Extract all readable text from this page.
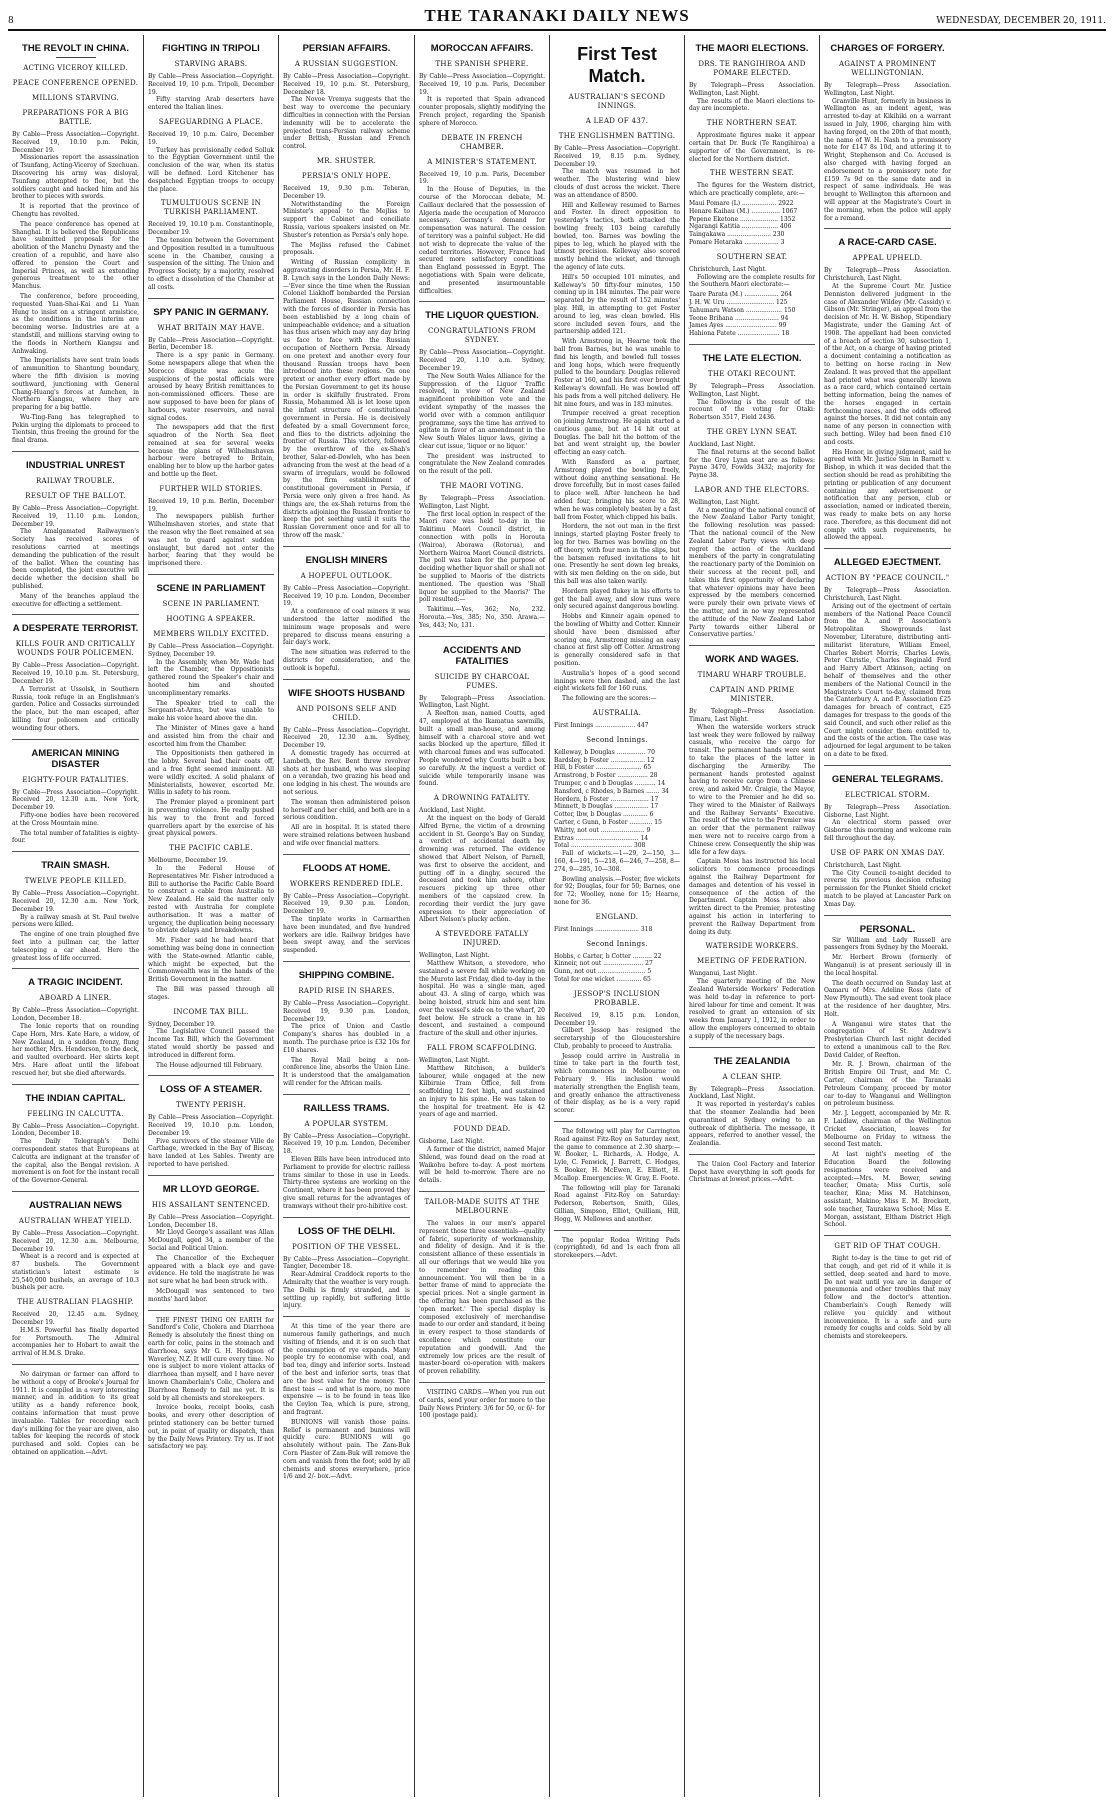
8	THE TARANAKI DAILY NEWS	WEDNESDAY, DECEMBER 20, 1911.
THE REVOLT IN CHINA.
ACTING VICEROY KILLED.
PEACE CONFERENCE OPENED.
MILLIONS STARVING.
PREPARATIONS FOR A BIG BATTLE.
By Cable—Press Association—Copyright. Received 19, 10.10 p.m. Pekin, December 19.

Missionaries report the assassination of Tsunfang, Acting-Viceroy of Szechuan. Discovering his army was disloyal, Tsunfang attempted to flee, but the soldiers caught and hacked him and his brother to pieces with swords.

It is reported that the province of Chengtu has revolted.

The peace conference has opened at Shanghai. It is believed the Republicans have submitted proposals for the abolition of the Manchu Dynasty and the creation of a republic, and have also offered to pension the Court and Imperial Princes, as well as extending generous treatment to the other Manchus.

The conference, before proceeding, requested Yuan-Shai-Kai and Li Yuan Hung to insist on a stringent armistice, as the conditions in the interim are becoming worse. Industries are at a standstill, and millions starving owing to the floods in Northern Kiangsu and Anhwaking.

The Imperialists have sent train loads of ammunition to Shantung boundary, where the fifth division is moving southward, junctioning with General Chang-Huang's forces at Aunchen, in Northern Kiangsu, where they are preparing for a big battle.

Wu-Ting-Fang has telegraphed to Pekin urging the diplomats to proceed to Tientsin, thus freeing the ground for the final drama.

INDUSTRIAL UNREST
RAILWAY TROUBLE.
RESULT OF THE BALLOT.
By Cable—Press Association—Copyright. Received 19, 11.10 p.m. London, December 19.

The Amalgamated Railwaymen's Society has received scores of resolutions carried at meetings demanding the publication of the result of the ballot. When the counting has been completed, the joint executive will decide whether the decision shall be published.

Many of the branches applaud the executive for effecting a settlement.

A DESPERATE TERRORIST.
KILLS FOUR AND CRITICALLY WOUNDS FOUR POLICEMEN.
By Cable—Press Association—Copyright. Received 19, 10.10 p.m. St. Petersburg, December 19.

A Terrorist at Ussolsk, in Southern Russia, took refuge in an Englishman's garden. Police and Cossacks surrounded the place, but the man escaped, after killing four policemen and critically wounding four others.

AMERICAN MINING DISASTER
EIGHTY-FOUR FATALITIES.
By Cable—Press Association—Copyright. Received 20, 12.30 a.m. New York, December 19.

Fifty-one bodies have been recovered at the Cross Mountain mine.

The total number of fatalities is eighty-four.

TRAIN SMASH.
TWELVE PEOPLE KILLED.
By Cable—Press Association—Copyright. Received 20, 12.30 a.m. New York, December 19.

By a railway smash at St. Paul twelve persons were killed.

The engine of one train ploughed five feet into a pullman car, the latter telescoping a car ahead. Here the greatest loss of life occurred.

A TRAGIC INCIDENT.
ABOARD A LINER.
By Cable—Press Association—Copyright. London, December 18.

The Ionic reports that on rounding Cape Horn, Mrs. Kate Hare, a widow, of New Zealand, in a sudden frenzy, flung her mother, Mrs. Henderson, to the deck, and vaulted overboard. Her skirts kept Mrs. Hare afloat until the lifeboat rescued her, but she died afterwards.

THE INDIAN CAPITAL.
FEELING IN CALCUTTA.
By Cable—Press Association—Copyright. London, December 18.

The Daily Telegraph's Delhi correspondent states that Europeans at Calcutta are indignant at the transfer of the capital, also the Bengal revision. A movement is on foot for the instant recall of the Governor-General.

AUSTRALIAN NEWS
AUSTRALIAN WHEAT YIELD.
By Cable—Press Association—Copyright. Received 20, 12.30 a.m. Melbourne, December 19.

Wheat is a record and is expected at 87 bushels. The Government statistician's latest estimate is 25,540,000 bushels, an average of 10.3 bushels per acre.

THE AUSTRALIAN FLAGSHIP.
Received 20, 12.45 a.m. Sydney, December 19.

H.M.S. Powerful has finally departed for Portsmouth. The Admiral accompanies her to Hobart to await the arrival of H.M.S. Drake.

No dairyman or farmer can afford to be without a copy of Brooke's Journal for 1911. It is compiled in a very interesting manner, and in addition to its great utility as a handy reference book, contains information that must prove invaluable. Tables for recording each day's milking for the year are given, also tables for keeping the records of stock purchased and sold. Copies can be obtained on application.—Advt.

FIGHTING IN TRIPOLI
STARVING ARABS.
By Cable—Press Association—Copyright. Received 19, 10 p.m. Tripoli, December 19.

Fifty starving Arab deserters have entered the Italian lines.

SAFEGUARDING A PLACE.
Received 19, 10 p.m. Cairo, December 19.

Turkey has provisionally ceded Solluk to the Egyptian Government until the conclusion of the war, when its status will be defined. Lord Kitchener has despatched Egyptian troops to occupy the place.

TUMULTUOUS SCENE IN TURKISH PARLIAMENT.
Received 19, 10.10 p.m. Constantinople, December 19.

The tension between the Government and Opposition resulted in a tumultuous scene in the Chamber, causing a suspension of the sitting. The Union and Progress Society, by a majority, resolved to effect a dissolution of the Chamber at all costs.

SPY PANIC IN GERMANY.
WHAT BRITAIN MAY HAVE.
By Cable—Press Association—Copyright. Berlin, December 18.

There is a spy panic in Germany. Some newspapers allege that when the Morocco dispute was acute the suspicions of the postal officials were aroused by heavy British remittances to non-commissioned officers. These are now supposed to have been for plans of harbours, water reservoirs, and naval signal codes.

The newspapers add that the first squadron of the North Sea fleet remained at sea for several weeks because the plans of Wilhelmshaven harbour were betrayed to Britain, enabling her to blow up the harbor gates and bottle up the fleet.

FURTHER WILD STORIES.
Received 19, 10 p.m. Berlin, December 19.

The newspapers publish further Wilhelmshaven stories, and state that the reason why the fleet remained at sea was not to guard against sudden onslaught, but dared not enter the harbor, fearing that they would be imprisoned there.

SCENE IN PARLIAMENT
SCENE IN PARLIAMENT.
HOOTING A SPEAKER.
MEMBERS WILDLY EXCITED.
By Cable—Press Association—Copyright. Sydney, December 19.

In the Assembly, when Mr. Wade had left the Chamber, the Oppositionists gathered round the Speaker's chair and hooted him and shouted uncomplimentary remarks.

The Speaker tried to call the Sergeant-at-Arms, but was unable to make his voice heard above the din.

The Minister of Mines gave a hand and assisted him from the chair and escorted him from the Chamber.

The Oppositionists then gathered in the lobby. Several had their coats off, and a free fight seemed imminent. All were wildly excited. A solid phalanx of Ministerialists, however, escorted Mr. Willis in safety to his room.

The Premier played a prominent part in preventing violence. He really pushed his way to the front and forced quarrellers apart by the exercise of his great physical powers.

THE PACIFIC CABLE.
Melbourne, December 19.

In the Federal House of Representatives Mr. Fisher introduced a Bill to authorise the Pacific Cable Board to construct a cable from Australia to New Zealand. He said the matter only rested with Australia for complete authorisation. It was a matter of urgency, the duplication being necessary to obviate delays and breakdowns.

Mr. Fisher said he had heard that something was being done in connection with the State-owned Atlantic cable, which might be expected, but the Commonwealth was in the hands of the British Government in the matter.

The Bill was passed through all stages.

INCOME TAX BILL.
Sydney, December 19.

The Legislative Council passed the Income Tax Bill, which the Government stated would shortly be passed and introduced in different form.

The House adjourned till February.

LOSS OF A STEAMER.
TWENTY PERISH.
By Cable—Press Association—Copyright. Received 19, 10.10 p.m. London, December 19.

Five survivors of the steamer Ville de Carthage, wrecked in the Bay of Biscay, have landed at Les Sables. Twenty are reported to have perished.

MR LLOYD GEORGE.
HIS ASSAILANT SENTENCED.
By Cable—Press Association—Copyright. London, December 18.

Mr Lloyd George's assailant was Allan McDougall, aged 34, a member of the Social and Political Union.

The Chancellor of the Exchequer appeared with a black eye and gave evidence. He told the magistrate he was not sure what he had been struck with.

McDougall was sentenced to two months' hard labor.

THE FINEST THING ON EARTH for Sandford's Colic, Cholera and Diarrhoea Remedy is absolutely the finest thing on earth for colic, pains in the stomach and diarrhoea, says Mr G. H. Hodgson of Waverley, N.Z. It will cure every time. No one is subject to more violent attacks of diarrhoea than myself, and I have never known Chamberlain's Colic, Cholera and Diarrhoea Remedy to fail me yet. It is sold by all chemists and storekeepers.

Invoice books, receipt books, cash books, and every other description of printed stationery can be better turned out, in point of quality or dispatch, than by the Daily News Printery. Try us. If not satisfactory we pay.

PERSIAN AFFAIRS.
A RUSSIAN SUGGESTION.
By Cable—Press Association—Copyright. Received 19, 10 p.m. St. Petersburg, December 18.

The Novoe Vremya suggests that the best way to overcome the pecuniary difficulties in connection with the Persian indemnity will be to accelerate the projected trans-Persian railway scheme under British, Russian and French control.

MR. SHUSTER.
PERSIA'S ONLY HOPE.
Received 19, 9.30 p.m. Teheran, December 19.

Notwithstanding the Foreign Minister's appeal to the Mejliss to support the Cabinet and conciliate Russia, various speakers insisted on Mr. Shuster's retention as Persia's only hope.

The Mejliss refused the Cabinet proposals.

Writing of Russian complicity in aggravating disorders in Persia, Mr. H. F. B. Lynch says in the London Daily News:—'Ever since the time when the Russian Colonel Liakhoff bombarded the Persian Parliament House, Russian connection with the forces of disorder in Persia has been established by a long chain of unimpeachable evidence; and a situation has thus arisen which may any day bring us face to face with the Russian occupation of Northern Persia. Already on one pretext and another every four thousand Russian troops have been introduced into these regions. On one pretext or another every effort made by the Persian Government to get its house in order is skilfully frustrated. From Russia, Mohammed Ali is let loose upon the infant structure of constitutional government in Persia. He is decisively defeated by a small Government force, and flies to the districts adjoining the frontier of Russia. This victory, followed by the overthrow of the ex-Shah's brother, Salar-ed-Dowleh, who has been advancing from the west at the head of a swarm of irregulars, would be followed by the firm establishment of constitutional government in Persia, if Persia were only given a free hand. As things are, the ex-Shah returns from the districts adjoining the Russian frontier to keep the pot seething until it suits the Russian Government once and for all to throw off the mask.'

ENGLISH MINERS
A HOPEFUL OUTLOOK.
By Cable—Press Association—Copyright. Received 19, 10 p.m. London, December 19.

At a conference of coal miners it was understood the latter modified the minimum wage proposals and were prepared to discuss means ensuring a fair day's work.

The new situation was referred to the districts for consideration, and the outlook is hopeful.

WIFE SHOOTS HUSBAND
AND POISONS SELF AND CHILD.
By Cable—Press Association—Copyright. Received 20, 12.30 a.m. Sydney, December 19.

A domestic tragedy has occurred at Lambeth, the Rev. Bent threw revolver shots at her husband, who was sleeping on a verandah, two grazing his head and one lodging in his chest. The wounds are not serious.

The woman then administered poison to herself and her child, and both are in a serious condition.

All are in hospital. It is stated there were strained relations between husband and wife over financial matters.

FLOODS AT HOME.
WORKERS RENDERED IDLE.
By Cable—Press Association—Copyright. Received 19, 9.30 p.m. London, December 19.

The tinplate works in Carmarthen have been inundated, and five hundred workers are idle. Railway bridges have been swept away, and the services suspended.

SHIPPING COMBINE.
RAPID RISE IN SHARES.
By Cable—Press Association—Copyright. Received 19, 9.30 p.m. London, December 19.

The price of Union and Castle Company's shares has doubled in a month. The purchase price is £32 10s for £10 shares.

The Royal Mail being a non-conference line, absorbs the Union Line. It is understood that the amalgamation will render for the African mails.

RAILLESS TRAMS.
A POPULAR SYSTEM.
By Cable—Press Association—Copyright. Received 19, 10 p.m. London, December 18.

Eleven Bills have been introduced into Parliament to provide for electric railless trams similar to those in use in Leeds. Thirty-three systems are working on the Continent, where it has been proved they give small returns for the advantages of tramways without their pro-hibitive cost.

LOSS OF THE DELHI.
POSITION OF THE VESSEL.
By Cable—Press Association—Copyright. Tangier, December 18.

Rear-Admiral Craddock reports to the Admiralty that the weather is very rough. The Delhi is firmly stranded, and is settling up rapidly, but suffering little injury.

At this time of the year there are numerous family gatherings, and much visiting of friends, and it is on such that the consumption of rye expands. Many people try to economise with coal, and bad tea, dingy and inferior sorts. Instead of the best and inferior sorts, teas that are the best value for the money. The finest teas — and what is more, no more expensive — is to be found in teas like the Ceylon Tea, which is pure, strong, and fragrant.

BUNIONS will vanish those pains. Relief is permanent and bunions will quickly cure. BUNIONS will go absolutely without pain. The Zam-Buk Corn Plaster of Zam-Buk will remove the corn and vanish from the foot; sold by all chemists and stores everywhere, price 1/6 and 2/- box.—Advt.

MOROCCAN AFFAIRS.
THE SPANISH SPHERE.
By Cable—Press Association—Copyright. Received 19, 10 p.m. Paris, December 19.

It is reported that Spain advanced counter proposals, slightly modifying the French project, regarding the Spanish sphere of Morocco.

DEBATE IN FRENCH CHAMBER.
A MINISTER'S STATEMENT.
Received 19, 10 p.m. Paris, December 19.

In the House of Deputies, in the course of the Moroccan debate, M. Caillaux declared that the possession of Algeria made the occupation of Morocco necessary. Germany's demand for compensation was natural. The cession of territory was a painful subject. He did not wish to deprecate the value of the ceded territories. However, France had secured more satisfactory conditions than England possessed in Egypt. The negotiations with Spain were delicate, and presented insurmountable difficulties.

THE LIQUOR QUESTION.
CONGRATULATIONS FROM SYDNEY.
By Cable—Press Association—Copyright. Received 20, 1.10 a.m. Sydney, December 19.

The New South Wales Alliance for the Suppression of the Liquor Traffic resolved, in view of New Zealand magnificent prohibition vote and the evident sympathy of the masses the world over with a common antiliquor programme, says the time has arrived to agitate in favor of an amendment in the New South Wales liquor laws, giving a clear cut issue, 'liquor or no liquor.'

The president was instructed to congratulate the New Zealand comrades on the result of the poll.

THE MAORI VOTING.
By Telegraph—Press Association. Wellington, Last Night.

The first local option in respect of the Maori race was held to-day in the Takitimu Maori Council district, in connection with polls in Horouta (Wairoa), Aborawa (Rotorua), and Northern Wairoa Maori Council districts. The poll was taken for the purpose of deciding whether liquor shall or shall not be supplied to Maoris of the districts mentioned. The question was 'Shall liquor be supplied to the Maoris?' The poll resulted:—

Takitimu.—Yes, 362; No, 232. Horouta.—Yes, 385; No, 350. Arawa.—Yes, 443; No, 131.

ACCIDENTS AND FATALITIES
SUICIDE BY CHARCOAL FUMES.
By Telegraph—Press Association. Wellington, Last Night.

A Reefton man, named Coutts, aged 47, employed at the Ikamatua sawmills, built a small man-house, and among himself with a charcoal stove and wet sacks blocked up the aperture, filled it with charcoal fumes and was suffocated. People wondered why Coutts built a box so carefully. At the inquest a verdict of suicide while temporarily insane was found.

A DROWNING FATALITY.
Auckland, Last Night.

At the inquest on the body of Gerald Alfred Byrne, the victim of a drowning accident in St. George's Bay on Sunday, a verdict of accidental death by drowning was returned. The evidence showed that Albert Nelson, of Parnell, was first to observe the accident, and putting off in a dinghy, secured the deceased and took him ashore, other rescuers picking up three other members of the capsized crew. In recording their verdict the jury gave expression to their appreciation of Albert Nelson's plucky action.

A STEVEDORE FATALLY INJURED.
Wellington, Last Night.

Matthew Whitson, a stevedore, who sustained a severe fall while working on the Muroto last Friday, died to-day in the hospital. He was a single man, aged about 43. A sling of cargo, which was being hoisted, struck him and sent him over the vessel's side on to the wharf, 20 feet below. He struck a crane in his descent, and sustained a compound fracture of the skull and other injuries.

FALL FROM SCAFFOLDING.
Wellington, Last Night.

Matthew Ritchison, a builder's labourer, while engaged at the new Kilbirnie Tram Office, fell from scaffolding 12 feet high, and sustained an injury to his spine. He was taken to the hospital for treatment. He is 42 years of age and married.

FOUND DEAD.
Gisborne, Last Night.

A farmer of the district, named Major Shlend, was found dead on the road at Waikohu before to-day. A post mortem will be held to-morrow. There are no details.

TAILOR-MADE SUITS AT THE MELBOURNE

The values in our men's apparel represent those three essentials—quality of fabric, superiority of workmanship, and fidelity of design. And it is the consistent alliance of these essentials in all our offerings that we would like you to remember in reading this announcement. You will then be in a better frame of mind to appreciate the special prices. Not a single garment in the offering has been purchased as the 'open market.' The special display is composed exclusively of merchandise made to our order and standard, it being in every respect to those standards of excellence which constitute our reputation and goodwill. And the extremely low prices are the result of master-board co-operation with makers of proven reliability.

VISITING CARDS.—When you run out of cards, send your order for more to the Daily News Printery. 3/6 for 50, or 6/- for 100 (postage paid).

First Test Match.
AUSTRALIAN'S SECOND INNINGS.
A LEAD OF 437.
THE ENGLISHMEN BATTING.
By Cable—Press Association—Copyright. Received 19, 8.15 p.m. Sydney, December 19.

The match was resumed in hot weather. The blustering wind blew clouds of dust across the wicket. There was an attendance of 8500.

Hill and Kelleway resumed to Barnes and Foster. In direct opposition to yesterday's tactics, both attacked the bowling freely, 103 being carefully bowled, too. Barnes was bowling the pipes to leg, which he played with the utmost precision. Kelleway also scored mostly behind the wicket, and through the agency of late cuts.

Hill's 50 occupied 101 minutes, and Kelleway's 50 fifty-four minutes, 150 coming up in 184 minutes. The pair were separated by the result of 152 minutes' play. Hill, in attempting to get Foster around to leg, was clean bowled. His score included seven fours, and the partnership added 121.

With Armstrong in, Hearne took the ball from Barnes, but he was unable to find his length, and bowled full tosses and long hops, which were frequently pulled to the boundary. Douglas relieved Foster at 160, and his first over brought Kelleway's downfall. He was bowled off his pads from a well pitched delivery. He hit nine fours, and was in 183 minutes.

Trumper received a great reception on joining Armstrong. He again started a cautious game, but at 14 hit out at Douglas. The ball hit the bottom of the bat and went straight up, the bowler effecting an easy catch.

With Ransford as a partner, Armstrong played the bowling freely, without doing anything sensational. He drove forcefully, but in most cases failed to place well. After luncheon he had added four, bringing his score to 28, when he was completely beaten by a fast ball from Foster, which clipped his bails.

Hordern, the not out man in the first innings, started playing Foster freely to leg for two. Barnes was bowling on the off theory, with four men in the slips, but the batsmen refused invitations to hit one. Presently he sent down leg breaks, with six men fielding on the on side, but this ball was also taken warily.

Hordern played flukey in his efforts to get the ball away, and slow runs were only secured against dangerous bowling.

Hobbs and Kinneir again opened to the bowling of Whitty and Cotter. Kinneir should have been dismissed after scoring one, Armstrong missing an easy chance at first slip off Cotter. Armstrong is generally considered safe in that position.

Australia's hopes of a good second innings were then dashed, and the last eight wickets fell for 160 runs.

The following are the scores:—

AUSTRALIA.
First Innings ..................... 447
Second Innings.
Kelleway, b Douglas ............... 70
Bardsley, b Foster .................. 12
Hill, b Foster ........................ 65
Armstrong, b Foster ................ 28
Trumper, c and b Douglas ........... 14
Ransford, c Rhodes, b Barnes ....... 34
Hordern, b Foster .................... 17
Minnett, b Douglas .................. 17
Cotter, lbw, b Douglas ............. 6
Carter, c Gunn, b Foster ............ 15
Whitty, not out ....................... 9
Extras ................................. 14
Total ................................ 308

Fall of wickets.—1—29, 2—150, 3—160, 4—191, 5—218, 6—246, 7—258, 8—274, 9—285, 10—308.

Bowling analysis.—Foster, five wickets for 92; Douglas, four for 50; Barnes, one for 72; Woolley, none for 15; Hearne, none for 36.

ENGLAND.
First Innings ....................... 318
Second Innings.
Hobbs, c Carter, b Cotter .......... 22
Kinneir, not out ..................... 27
Gunn, not out ......................... 5
Total for one wicket ............. 65
JESSOP'S INCLUSION PROBABLE.
Received 19, 8.15 p.m. London, December 19.

Gilbert Jessop has resigned the secretaryship of the Gloucestershire Club, probably to proceed to Australia.

Jessop could arrive in Australia in time to take part in the fourth test, which commences in Melbourne on February 9. His inclusion would materially strengthen the English team, and greatly enhance the attractiveness of their display, as he is a very rapid scorer.

The following will play for Carrington Road against Fitz-Roy on Saturday next, the game to commence at 2.30 sharp:—W. Booker, L. Richards, A. Hodge, A. Lyle, C. Fenwick, J. Barrett, C. Hodges, S. Booker, H. McEwen, E. Elliott, H. Mcallop. Emergencies: W. Gray, E. Foote.

The following will play for Taranaki Road against Fitz-Roy on Saturday: Pederson, Robertson, Smith, Giles, Gillian, Simpson, Elliot, Quilliam, Hill, Hogg, W. Mellowes and another.

The popular Rodea Writing Pads (copyrighted), 6d and 1s each from all storekeepers.—Advt.

THE MAORI ELECTIONS.
DRS. TE RANGIHIROA AND POMARE ELECTED.
By Telegraph—Press Association. Wellington, Last Night.

The results of the Maori elections to-day are incomplete.

THE NORTHERN SEAT.

Approximate figures make it appear certain that Dr. Buck (Te Rangihiroa) a supporter of the Government, is re-elected for the Northern district.

THE WESTERN SEAT.

The figures for the Western district, which are practically complete, are:—

Maui Pomare (L) .................. 2922
Henare Kaihau (M.) ............... 1067
Pepene Eketone .................... 1352
Ngarangi Katitia ................... 406
Taingakawa ....................... 230
Pomare Hetaraka .................. 3
SOUTHERN SEAT.
Christchurch, Last Night.

Following are the complete results for the Southern Maori electorate:—

Taare Parata (M.) .................. 264
J. H. W. Uru ......................... 125
Tahumaru Watson ................... 150
Teone Brihana ....................... 94
James Ayes ........................... 99
Hahiona Patete ...................... 18
THE LATE ELECTION.
THE OTAKI RECOUNT.
By Telegraph—Press Association. Wellington, Last Night.

The following is the result of the recount of the voting for Otaki: Robertson 3517, Field 2436.

THE GREY LYNN SEAT.
Auckland, Last Night.

The final returns at the second ballot for the Grey Lynn seat are as follows: Payne 3470, Fowlds 3432; majority for Payne 38.

LABOR AND THE ELECTORS.
Wellington, Last Night.

At a meeting of the national council of the New Zealand Labor Party tonight, the following resolution was passed: 'That the national council of the New Zealand Labor Party views with deep regret the action of the Auckland members of the party in congratulating the reactionary party of the Dominion on their success at the recent poll, and takes this first opportunity of declaring that whatever opinions may have been expressed by the members concerned were purely their own private views of the matter, and in no way represented the attitude of the New Zealand Labor Party towards either Liberal or Conservative parties.'

WORK AND WAGES.
TIMARU WHARF TROUBLE.
CAPTAIN AND PRIME MINISTER.
By Telegraph—Press Association. Timaru, Last Night.

When the waterside workers struck last week they were followed by railway casuals, who receive the cargo for transit. The permanent hands were sent to take the places of the latter in discharging the Armeriby. The permanent hands protested against having to receive cargo from a Chinese crew, and asked Mr. Craigie, the Mayor, to wire to the Premier and he did so. They wired to the Minister of Railways and the Railway Servants' Executive. The result of the wire to the Premier was an order that the permanent railway men were not to receive cargo from a Chinese crew. Consequently the ship was idle for a few days.

Captain Moss has instructed his local solicitors to commence proceedings against the Railway Department for damages and detention of his vessel in consequence of the action of the Department. Captain Moss has also written direct to the Premier, protesting against his action in interfering to prevent the Railway Department from doing its duty.

WATERSIDE WORKERS.
MEETING OF FEDERATION.
Wanganui, Last Night.

The quarterly meeting of the New Zealand Waterside Workers' Federation was held to-day in reference to port-hired labour for time and cement. It was resolved to grant an extension of six weeks from January 1, 1912, in order to allow the employers concerned to obtain a supply of the necessary bags.

THE ZEALANDIA
A CLEAN SHIP.
By Telegraph—Press Association. Auckland, Last Night.

It was reported in yesterday's cables that the steamer Zealandia had been quarantined at Sydney owing to an outbreak of diphtheria. The message, it appears, referred to another vessel, the Zealandia.

The Union Cool Factory and Interior Depot have everything in soft goods for Christmas at lowest prices.—Advt.

CHARGES OF FORGERY.
AGAINST A PROMINENT WELLINGTONIAN.
By Telegraph—Press Association. Wellington, Last Night.

Granville Hunt, formerly in business in Wellington as an indent agent, was arrested to-day at Kikihiki on a warrant issued in July, 1906, charging him with having forged, on the 20th of that month, the name of W. H. Nash to a promissory note for £147 8s 10d, and uttering it to Wright, Stephenson and Co. Accused is also charged with having forged an endorsement to a promissory note for £159 7s 9d on the same date and in respect of same individuals. He was brought to Wellington this afternoon and will appear at the Magistrate's Court in the morning, when the police will apply for a remand.

A RACE-CARD CASE.
APPEAL UPHELD.
By Telegraph—Press Association. Christchurch, Last Night.

At the Supreme Court Mr. Justice Denniston delivered judgment in the case of Alexander Wildey (Mr. Cassidy) v. Gibson (Mr. Stringer), an appeal from the decision of Mr. H. W. Bishop, Stipendiary Magistrate, under the Gaming Act of 1908. The appellant had been convicted of a breach of section 30, subsection 1, of the Act, on a charge of having printed a document containing a notification as to betting on horse racing in New Zealand. It was proved that the appellant had printed what was generally known as a race card, which contained certain betting information, being the names of the horses engaged in certain forthcoming races, and the odds offered against the horses. It did not contain any name of any person in connection with such betting. Wiley had been fined £10 and costs.

His Honor, in giving judgment, said he agreed with Mr. Justice Sim in Barnett v. Bishop, in which it was decided that the section should be read as prohibiting the printing or publication of any document containing any advertisement or notification that any person, club or association, named or indicated therein, was ready to make bets on any horse race. Therefore, as this document did not comply with such requirements, he allowed the appeal.

ALLEGED EJECTMENT.
ACTION BY "PEACE COUNCIL."
By Telegraph—Press Association. Christchurch, Last Night.

Arising out of the ejectment of certain members of the National Peace Council from the A. and P. Association's Metropolitan Showgrounds last November, Literature, distributing anti-militarist literature, William Emeel, Charles Robert Morris, Charles Lewis, Peter Christie, Charles Reginald Ford and Harry Albert Atkinson, acting on behalf of themselves and the other members of the National Council in the Magistrate's Court to-day, claimed from the Canterbury A. and P. Association £25 damages for breach of contract, £25 damages for trespass to the goods of the said Council, and such other relief as the Court might consider them entitled to, and the costs of the action. The case was adjourned for legal argument to be taken on a date to be fixed.

GENERAL TELEGRAMS.
ELECTRICAL STORM.
By Telegraph—Press Association. Gisborne, Last Night.

An electrical storm passed over Gisborne this morning and welcome rain fell throughout the day.

USE OF PARK ON XMAS DAY.
Christchurch, Last Night.

The City Council to-night decided to reverse its previous decision refusing permission for the Plunket Shield cricket match to be played at Lancaster Park on Xmas Day.

PERSONAL.

Sir William and Lady Russell are passengers from Sydney by the Moeraki.

Mr. Herbert Brown (formerly of Wanganui) is at present seriously ill in the local hospital.

The death occurred on Sunday last at Oamaru of Mrs. Adeline Ross (late of New Plymouth). The sad event took place at the residence of her daughter, Mrs. Holt.

A Wanganui wire states that the congregation of St. Andrew's Presbyterian Church last night decided to extend a unanimous call to the Rev. David Calder, of Reefton.

Mr. R. J. Brown, chairman of the British Empire Oil Trust, and Mr. C. Carter, chairman of the Taranaki Petroleum Company, proceed by motor car to-day to Wanganui and Wellington on petroleum business.

Mr. J. Leggett, accompanied by Mr. R. F. Laidlaw, chairman of the Wellington Cricket Association, leaves for Melbourne on Friday to witness the second Test match.

At last night's meeting of the Education Board the following resignations were received and accepted:—Mrs. M. Bower, sewing teacher, Omata; Miss Curtis, sole teacher, Kina; Miss M. Hatchinson, assistant, Makino; Miss E. M. Brockett, sole teacher, Taurakawa School; Miss E. Morgan, assistant, Eltham District High School.

GET RID OF THAT COUGH.

Right to-day is the time to get rid of that cough, and get rid of it while it is settled, deep seated and hard to move. Do not wait until you are in danger of pneumonia and other troubles that may follow and the doctor's attention. Chamberlain's Cough Remedy will relieve you quickly and without inconvenience. It is a safe and sure remedy for coughs and colds. Sold by all chemists and storekeepers.
